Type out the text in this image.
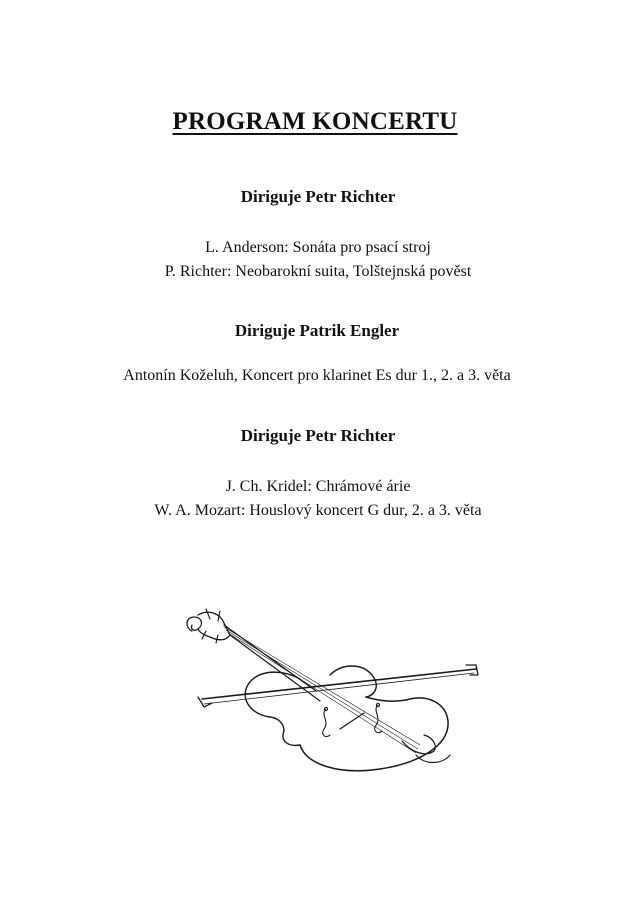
PROGRAM KONCERTU
Diriguje Petr Richter
L. Anderson: Sonáta pro psací stroj
P. Richter: Neobarokní suita, Tolštejnská pověst
Diriguje Patrik Engler
Antonín Koželuh, Koncert pro klarinet Es dur 1., 2. a 3. věta
Diriguje Petr Richter
J. Ch. Kridel: Chrámové árie
W. A. Mozart: Houslový koncert G dur, 2. a 3. věta
